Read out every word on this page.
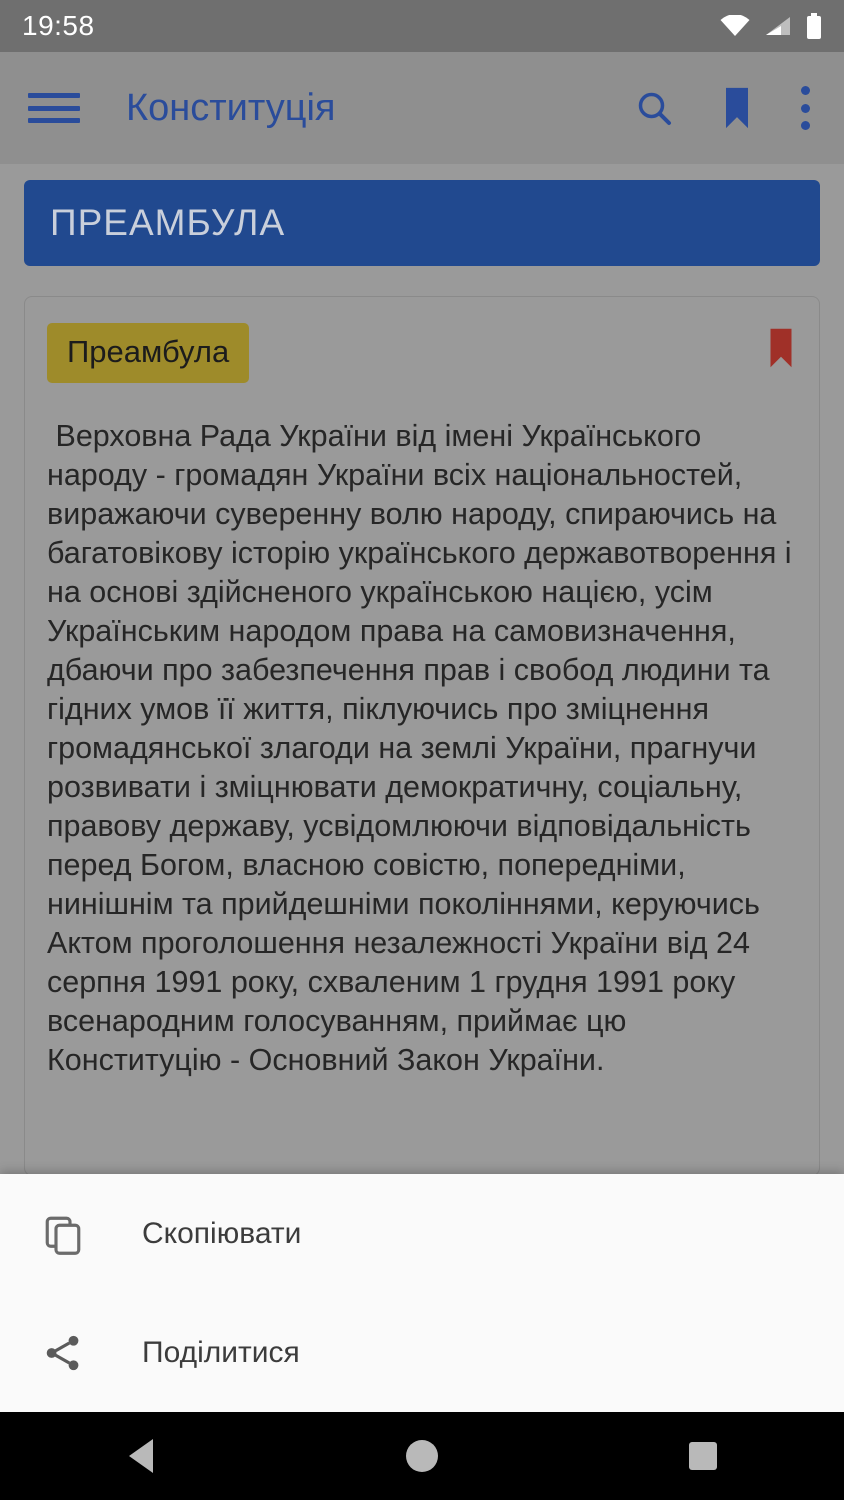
19:58
Конституція
ПРЕАМБУЛА
Преамбула
Верховна Рада України від імені Українського народу - громадян України всіх національностей, виражаючи суверенну волю народу, спираючись на багатовікову історію українського державотворення і на основі здійсненого українською нацією, усім Українським народом права на самовизначення, дбаючи про забезпечення прав і свобод людини та гідних умов її життя, піклуючись про зміцнення громадянської злагоди на землі України, прагнучи розвивати і зміцнювати демократичну, соціальну, правову державу, усвідомлюючи відповідальність перед Богом, власною совістю, попередніми, нинішнім та прийдешніми поколіннями, керуючись Актом проголошення незалежності України від 24 серпня 1991 року, схваленим 1 грудня 1991 року всенародним голосуванням, приймає цю Конституцію - Основний Закон України.
Скопіювати
Поділитися
